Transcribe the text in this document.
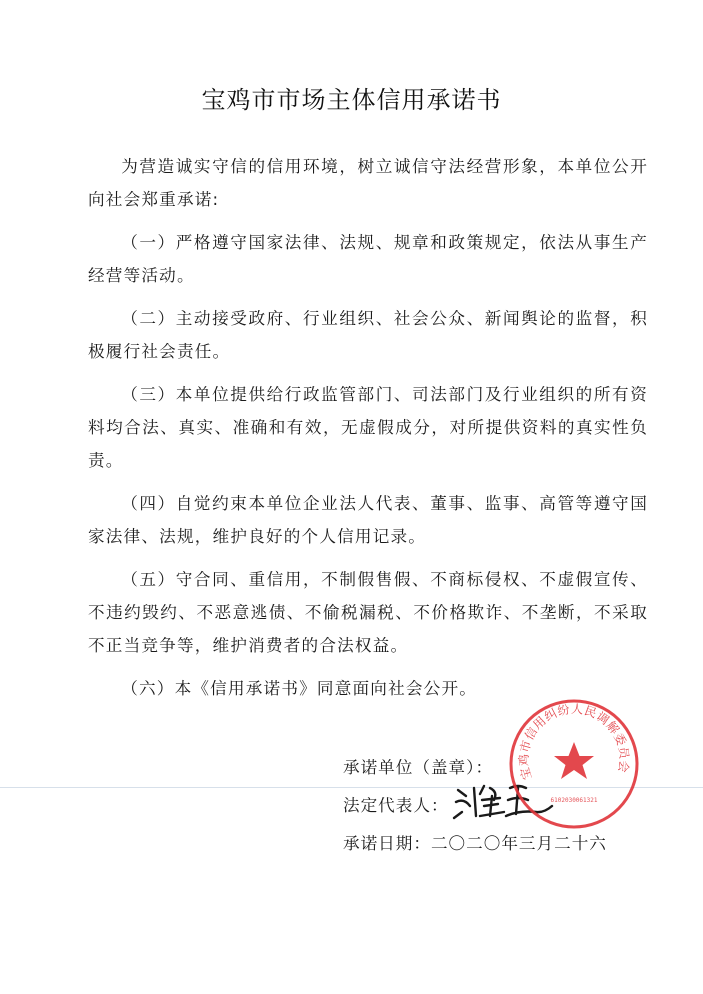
宝鸡市市场主体信用承诺书

为营造诚实守信的信用环境，树立诚信守法经营形象，本单位公开向社会郑重承诺:

（一）严格遵守国家法律、法规、规章和政策规定，依法从事生产经营等活动。

（二）主动接受政府、行业组织、社会公众、新闻舆论的监督，积极履行社会责任。

（三）本单位提供给行政监管部门、司法部门及行业组织的所有资料均合法、真实、准确和有效，无虚假成分，对所提供资料的真实性负责。

（四）自觉约束本单位企业法人代表、董事、监事、高管等遵守国家法律、法规，维护良好的个人信用记录。

（五）守合同、重信用，不制假售假、不商标侵权、不虚假宣传、不违约毁约、不恶意逃债、不偷税漏税、不价格欺诈、不垄断，不采取不正当竞争等，维护消费者的合法权益。

（六）本《信用承诺书》同意面向社会公开。

承诺单位（盖章）：
法定代表人：
承诺日期：二〇二〇年三月二十六
宝鸡市信用纠纷人民调解委员会
6102030061321
